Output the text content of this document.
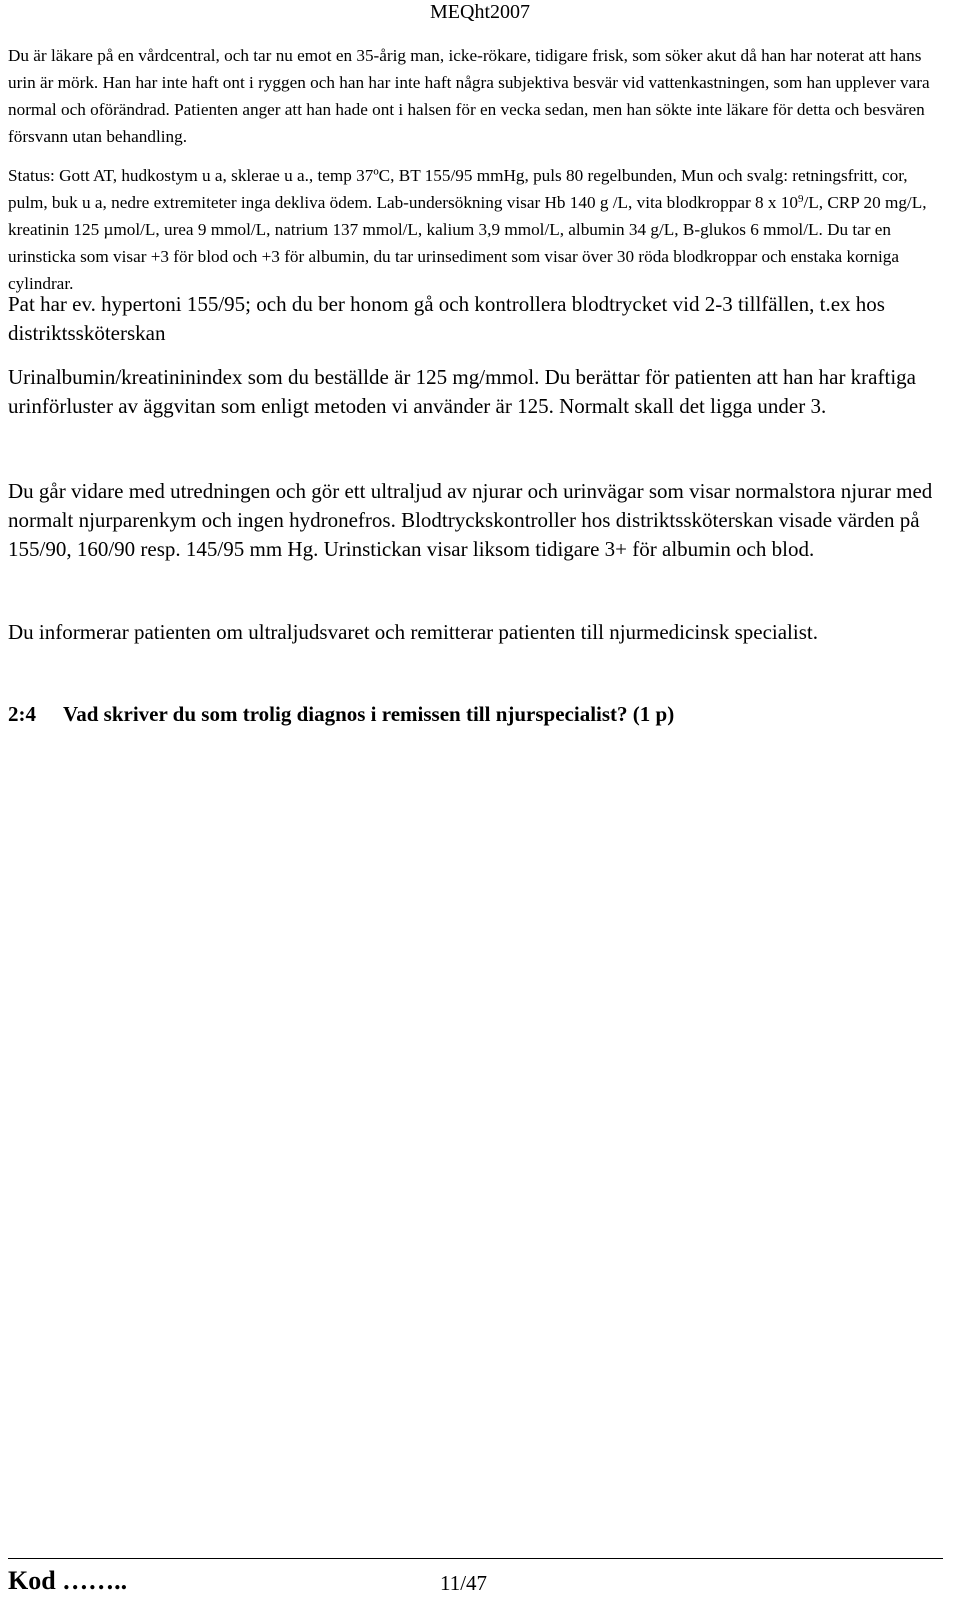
MEQht2007

Du är läkare på en vårdcentral, och tar nu emot en 35-årig man, icke-rökare, tidigare frisk, som söker akut då han har noterat att hans urin är mörk. Han har inte haft ont i ryggen och han har inte haft några subjektiva besvär vid vattenkastningen, som han upplever vara normal och oförändrad. Patienten anger att han hade ont i halsen för en vecka sedan, men han sökte inte läkare för detta och besvären försvann utan behandling.

Status: Gott AT, hudkostym u a, sklerae u a., temp 37ºC, BT 155/95 mmHg, puls 80 regelbunden, Mun och svalg: retningsfritt, cor, pulm, buk u a, nedre extremiteter inga dekliva ödem. Lab-undersökning visar Hb 140 g /L, vita blodkroppar 8 x $10^9/L$, CRP 20 mg/L, kreatinin 125 µmol/L, urea 9 mmol/L, natrium 137 mmol/L, kalium 3,9 mmol/L, albumin 34 g/L, B-glukos 6 mmol/L. Du tar en urinsticka som visar +3 för blod och +3 för albumin, du tar urinsediment som visar över 30 röda blodkroppar och enstaka korniga cylindrar.

Pat har ev. hypertoni 155/95; och du ber honom gå och kontrollera blodtrycket vid 2-3 tillfällen, t.ex hos distriktssköterskan

Urinalbumin/kreatininindex som du beställde är 125 mg/mmol. Du berättar för patienten att han har kraftiga urinförluster av äggvitan som enligt metoden vi använder är 125. Normalt skall det ligga under 3.

Du går vidare med utredningen och gör ett ultraljud av njurar och urinvägar som visar normalstora njurar med normalt njurparenkym och ingen hydronefros. Blodtryckskontroller hos distriktssköterskan visade värden på 155/90, 160/90 resp. 145/95 mm Hg. Urinstickan visar liksom tidigare 3+ för albumin och blod.

Du informerar patienten om ultraljudsvaret och remitterar patienten till njurmedicinsk specialist.

2:4 Vad skriver du som trolig diagnos i remissen till njurspecialist? (1 p)

Kod ……..	11/47
